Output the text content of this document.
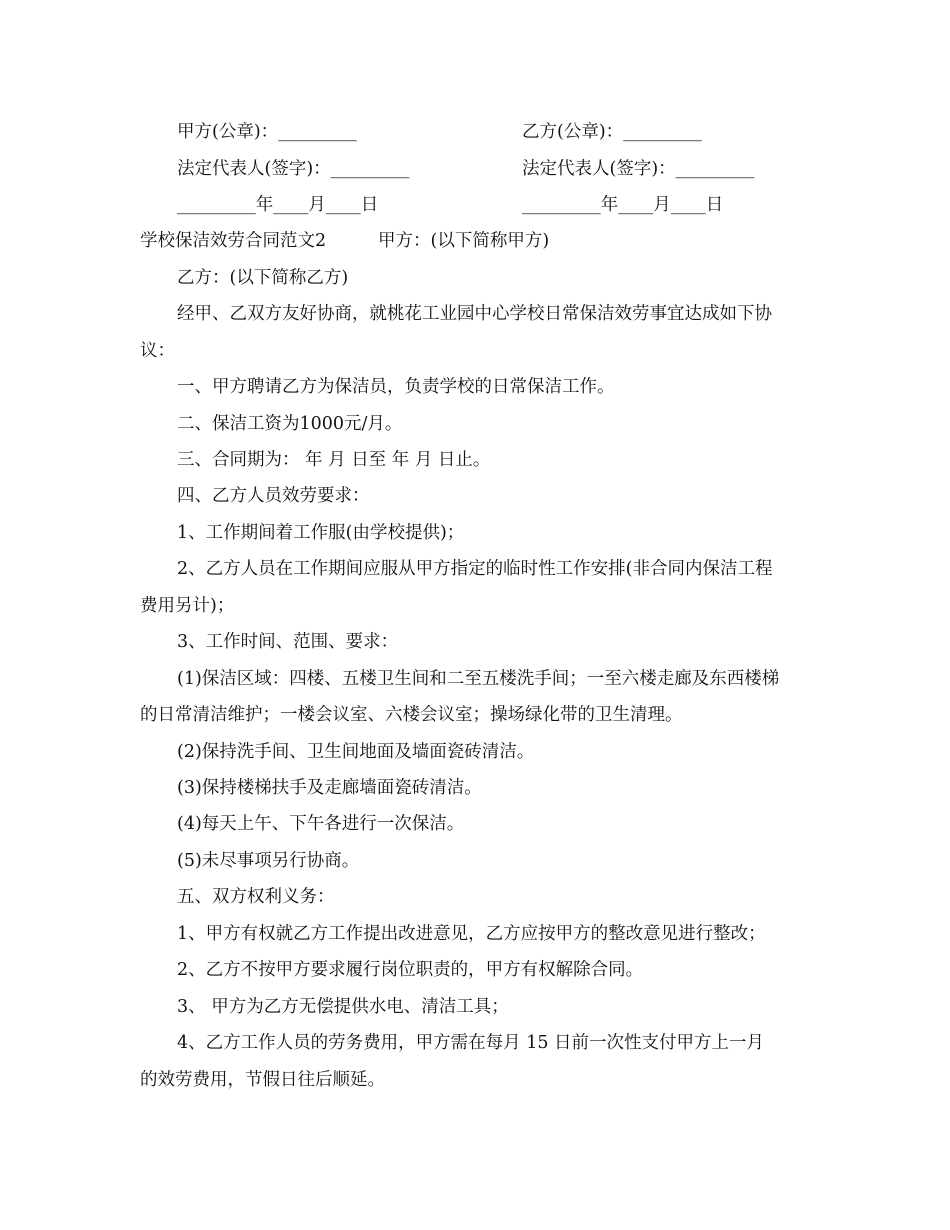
甲方(公章)：_________	乙方(公章)：_________
法定代表人(签字)：_________	法定代表人(签字)：_________
_________年____月____日	_________年____月____日
学校保洁效劳合同范文2	甲方：(以下简称甲方)
乙方：(以下简称乙方)
经甲、乙双方友好协商，就桃花工业园中心学校日常保洁效劳事宜达成如下协
议：
一、甲方聘请乙方为保洁员，负责学校的日常保洁工作。
二、保洁工资为1000元/月。
三、合同期为： 年 月 日至 年 月 日止。
四、乙方人员效劳要求：
1、工作期间着工作服(由学校提供)；
2、乙方人员在工作期间应服从甲方指定的临时性工作安排(非合同内保洁工程
费用另计)；
3、工作时间、范围、要求：
(1)保洁区域：四楼、五楼卫生间和二至五楼洗手间；一至六楼走廊及东西楼梯
的日常清洁维护；一楼会议室、六楼会议室；操场绿化带的卫生清理。
(2)保持洗手间、卫生间地面及墙面瓷砖清洁。
(3)保持楼梯扶手及走廊墙面瓷砖清洁。
(4)每天上午、下午各进行一次保洁。
(5)未尽事项另行协商。
五、双方权利义务：
1、甲方有权就乙方工作提出改进意见，乙方应按甲方的整改意见进行整改；
2、乙方不按甲方要求履行岗位职责的，甲方有权解除合同。
3、 甲方为乙方无偿提供水电、清洁工具；
4、乙方工作人员的劳务费用，甲方需在每月 15 日前一次性支付甲方上一月
的效劳费用，节假日往后顺延。
